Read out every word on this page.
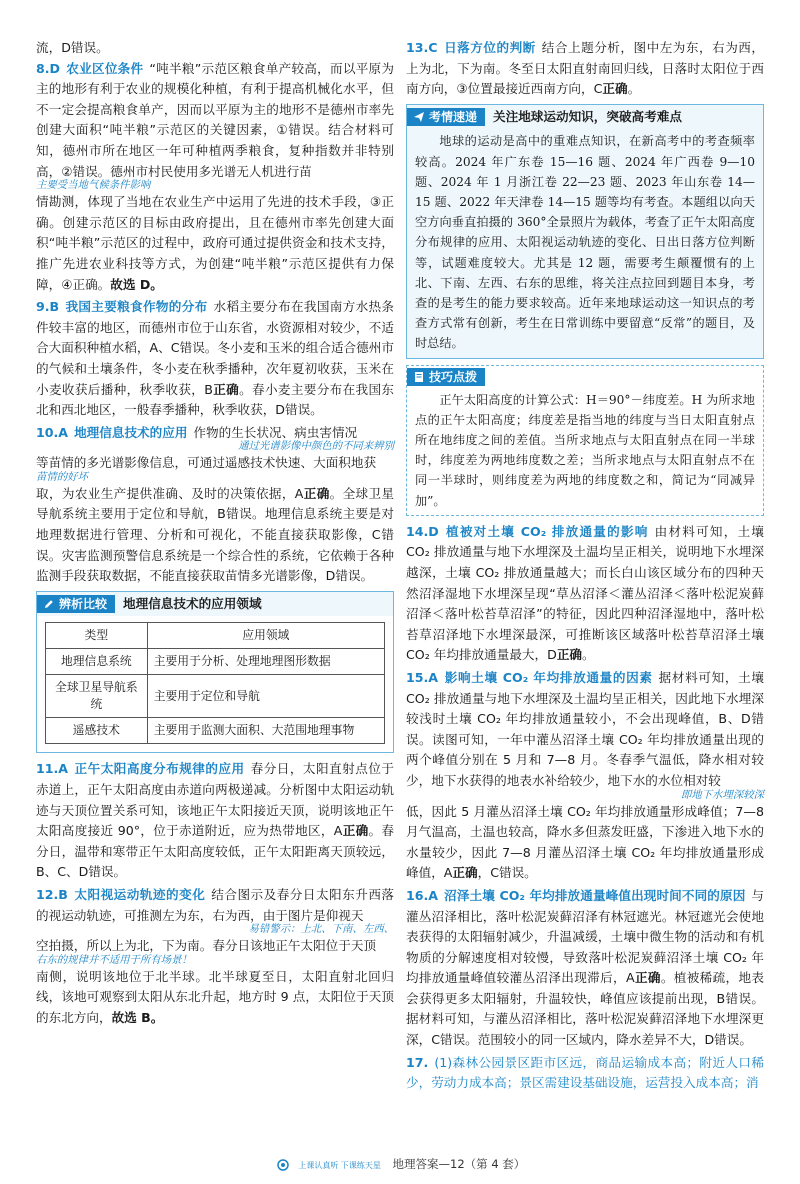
流，D错误。

8.D 农业区位条件 “吨半粮”示范区粮食单产较高，而以平原为主的地形有利于农业的规模化种植，有利于提高机械化水平，但不一定会提高粮食单产，因而以平原为主的地形不是德州市率先创建大面积“吨半粮”示范区的关键因素，①错误。结合材料可知，德州市所在地区一年可种植两季粮食，复种指数并非特别高，②错误。德州市村民使用多光谱无人机进行苗

主要受当地气候条件影响

情勘测，体现了当地在农业生产中运用了先进的技术手段，③正确。创建示范区的目标由政府提出，且在德州市率先创建大面积“吨半粮”示范区的过程中，政府可通过提供资金和技术支持，推广先进农业科技等方式，为创建“吨半粮”示范区提供有力保障，④正确。故选 D。

9.B 我国主要粮食作物的分布 水稻主要分布在我国南方水热条件较丰富的地区，而德州市位于山东省，水资源相对较少，不适合大面积种植水稻，A、C错误。冬小麦和玉米的组合适合德州市的气候和土壤条件，冬小麦在秋季播种，次年夏初收获，玉米在小麦收获后播种，秋季收获，B正确。春小麦主要分布在我国东北和西北地区，一般春季播种，秋季收获，D错误。

10.A 地理信息技术的应用 作物的生长状况、病虫害情况

通过光谱影像中颜色的不同来辨别

等苗情的多光谱影像信息，可通过遥感技术快速、大面积地获

苗情的好坏

取，为农业生产提供准确、及时的决策依据，A正确。全球卫星导航系统主要用于定位和导航，B错误。地理信息系统主要是对地理数据进行管理、分析和可视化，不能直接获取影像，C错误。灾害监测预警信息系统是一个综合性的系统，它依赖于各种监测手段获取数据，不能直接获取苗情多光谱影像，D错误。

辨析比较 地理信息技术的应用领域
类型	应用领域
地理信息系统	主要用于分析、处理地理图形数据
全球卫星导航系统	主要用于定位和导航
遥感技术	主要用于监测大面积、大范围地理事物

11.A 正午太阳高度分布规律的应用 春分日，太阳直射点位于赤道上，正午太阳高度由赤道向两极递减。分析图中太阳运动轨迹与天顶位置关系可知，该地正午太阳接近天顶，说明该地正午太阳高度接近 90°，位于赤道附近，应为热带地区，A正确。春分日，温带和寒带正午太阳高度较低，正午太阳距离天顶较远，B、C、D错误。

12.B 太阳视运动轨迹的变化 结合图示及春分日太阳东升西落的视运动轨迹，可推测左为东，右为西，由于图片是仰视天

易错警示：上北、下南、左西、

空拍摄，所以上为北，下为南。春分日该地正午太阳位于天顶

右东的规律并不适用于所有场景！

南侧，说明该地位于北半球。北半球夏至日，太阳直射北回归线，该地可观察到太阳从东北升起，地方时 9 点，太阳位于天顶的东北方向，故选 B。

13.C 日落方位的判断 结合上题分析，图中左为东，右为西，上为北，下为南。冬至日太阳直射南回归线，日落时太阳位于西南方向，③位置最接近西南方向，C正确。

考情速递 关注地球运动知识，突破高考难点
地球的运动是高中的重难点知识，在新高考中的考查频率较高。2024 年广东卷 15—16 题、2024 年广西卷 9—10 题、2024 年 1 月浙江卷 22—23 题、2023 年山东卷 14—15 题、2022 年天津卷 14—15 题等均有考查。本题组以向天空方向垂直拍摄的 360°全景照片为载体，考查了正午太阳高度分布规律的应用、太阳视运动轨迹的变化、日出日落方位判断等，试题难度较大。尤其是 12 题，需要考生颠覆惯有的上北、下南、左西、右东的思维，将关注点拉回到题目本身，考查的是考生的能力要求较高。近年来地球运动这一知识点的考查方式常有创新，考生在日常训练中要留意“反常”的题目，及时总结。
技巧点拨
正午太阳高度的计算公式：H＝90°－纬度差。H 为所求地点的正午太阳高度；纬度差是指当地的纬度与当日太阳直射点所在地纬度之间的差值。当所求地点与太阳直射点在同一半球时，纬度差为两地纬度数之差；当所求地点与太阳直射点不在同一半球时，则纬度差为两地的纬度数之和，简记为“同减异加”。

14.D 植被对土壤 CO₂ 排放通量的影响 由材料可知，土壤 CO₂ 排放通量与地下水埋深及土温均呈正相关，说明地下水埋深越深，土壤 CO₂ 排放通量越大；而长白山该区域分布的四种天然沼泽湿地下水埋深呈现“草丛沼泽＜灌丛沼泽＜落叶松泥炭藓沼泽＜落叶松苔草沼泽”的特征，因此四种沼泽湿地中，落叶松苔草沼泽地下水埋深最深，可推断该区域落叶松苔草沼泽土壤 CO₂ 年均排放通量最大，D正确。

15.A 影响土壤 CO₂ 年均排放通量的因素 据材料可知，土壤 CO₂ 排放通量与地下水埋深及土温均呈正相关，因此地下水埋深较浅时土壤 CO₂ 年均排放通量较小，不会出现峰值，B、D错误。读图可知，一年中灌丛沼泽土壤 CO₂ 年均排放通量出现的两个峰值分别在 5 月和 7—8 月。冬春季气温低，降水相对较少，地下水获得的地表水补给较少，地下水的水位相对较

即地下水埋深较深

低，因此 5 月灌丛沼泽土壤 CO₂ 年均排放通量形成峰值；7—8 月气温高，土温也较高，降水多但蒸发旺盛，下渗进入地下水的水量较少，因此 7—8 月灌丛沼泽土壤 CO₂ 年均排放通量形成峰值，A正确，C错误。

16.A 沼泽土壤 CO₂ 年均排放通量峰值出现时间不同的原因 与灌丛沼泽相比，落叶松泥炭藓沼泽有林冠遮光。林冠遮光会使地表获得的太阳辐射减少，升温减缓，土壤中微生物的活动和有机物质的分解速度相对较慢，导致落叶松泥炭藓沼泽土壤 CO₂ 年均排放通量峰值较灌丛沼泽出现滞后，A正确。植被稀疏，地表会获得更多太阳辐射，升温较快，峰值应该提前出现，B错误。据材料可知，与灌丛沼泽相比，落叶松泥炭藓沼泽地下水埋深更深，C错误。范围较小的同一区域内，降水差异不大，D错误。

17. (1)森林公园景区距市区远，商品运输成本高；附近人口稀少，劳动力成本高；景区需建设基础设施，运营投入成本高；消

上课认真听 下课练天星 地理答案—12（第 4 套）
